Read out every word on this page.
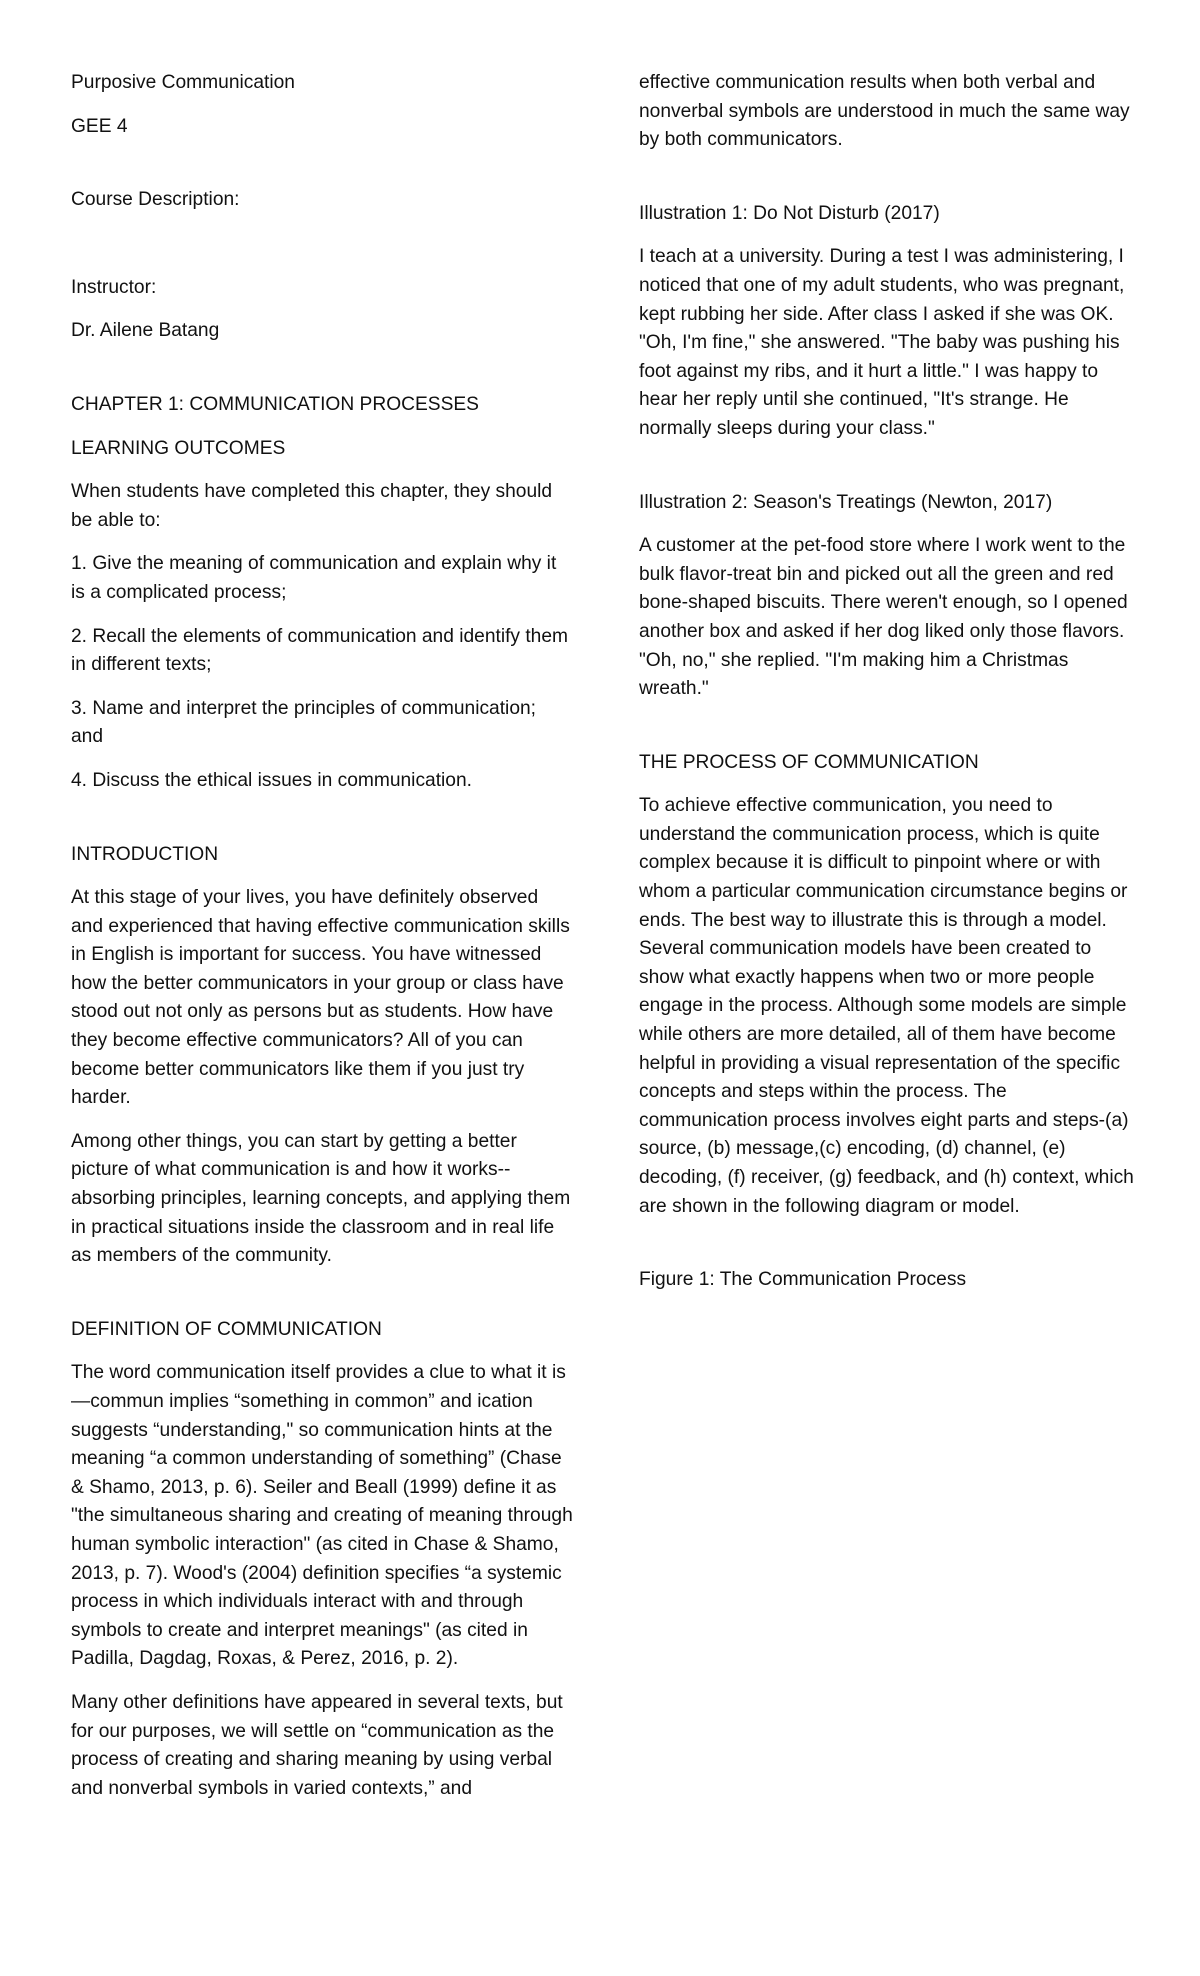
Purposive Communication

GEE 4

Course Description:

Instructor:

Dr. Ailene Batang

CHAPTER 1: COMMUNICATION PROCESSES

LEARNING OUTCOMES

When students have completed this chapter, they should be able to:

1. Give the meaning of communication and explain why it is a complicated process;

2. Recall the elements of communication and identify them in different texts;

3. Name and interpret the principles of communication; and

4. Discuss the ethical issues in communication.

INTRODUCTION

At this stage of your lives, you have definitely observed and experienced that having effective communication skills in English is important for success. You have witnessed how the better communicators in your group or class have stood out not only as persons but as students. How have they become effective communicators? All of you can become better communicators like them if you just try harder.

Among other things, you can start by getting a better picture of what communication is and how it works--absorbing principles, learning concepts, and applying them in practical situations inside the classroom and in real life as members of the community.

DEFINITION OF COMMUNICATION

The word communication itself provides a clue to what it is—commun implies “something in common” and ication suggests “understanding," so communication hints at the meaning “a common understanding of something” (Chase & Shamo, 2013, p. 6). Seiler and Beall (1999) define it as "the simultaneous sharing and creating of meaning through human symbolic interaction" (as cited in Chase & Shamo, 2013, p. 7). Wood's (2004) definition specifies “a systemic process in which individuals interact with and through symbols to create and interpret meanings" (as cited in Padilla, Dagdag, Roxas, & Perez, 2016, p. 2).

Many other definitions have appeared in several texts, but for our purposes, we will settle on “communication as the process of creating and sharing meaning by using verbal and nonverbal symbols in varied contexts,” and

effective communication results when both verbal and nonverbal symbols are understood in much the same way by both communicators.

Illustration 1: Do Not Disturb (2017)

I teach at a university. During a test I was administering, I noticed that one of my adult students, who was pregnant, kept rubbing her side. After class I asked if she was OK. "Oh, I'm fine," she answered. "The baby was pushing his foot against my ribs, and it hurt a little." I was happy to hear her reply until she continued, "It's strange. He normally sleeps during your class."

Illustration 2: Season's Treatings (Newton, 2017)

A customer at the pet-food store where I work went to the bulk flavor-treat bin and picked out all the green and red bone-shaped biscuits. There weren't enough, so I opened another box and asked if her dog liked only those flavors. "Oh, no," she replied. "I'm making him a Christmas wreath."

THE PROCESS OF COMMUNICATION

To achieve effective communication, you need to understand the communication process, which is quite complex because it is difficult to pinpoint where or with whom a particular communication circumstance begins or ends. The best way to illustrate this is through a model. Several communication models have been created to show what exactly happens when two or more people engage in the process. Although some models are simple while others are more detailed, all of them have become helpful in providing a visual representation of the specific concepts and steps within the process. The communication process involves eight parts and steps-(a) source, (b) message,(c) encoding, (d) channel, (e) decoding, (f) receiver, (g) feedback, and (h) context, which are shown in the following diagram or model.

Figure 1: The Communication Process
